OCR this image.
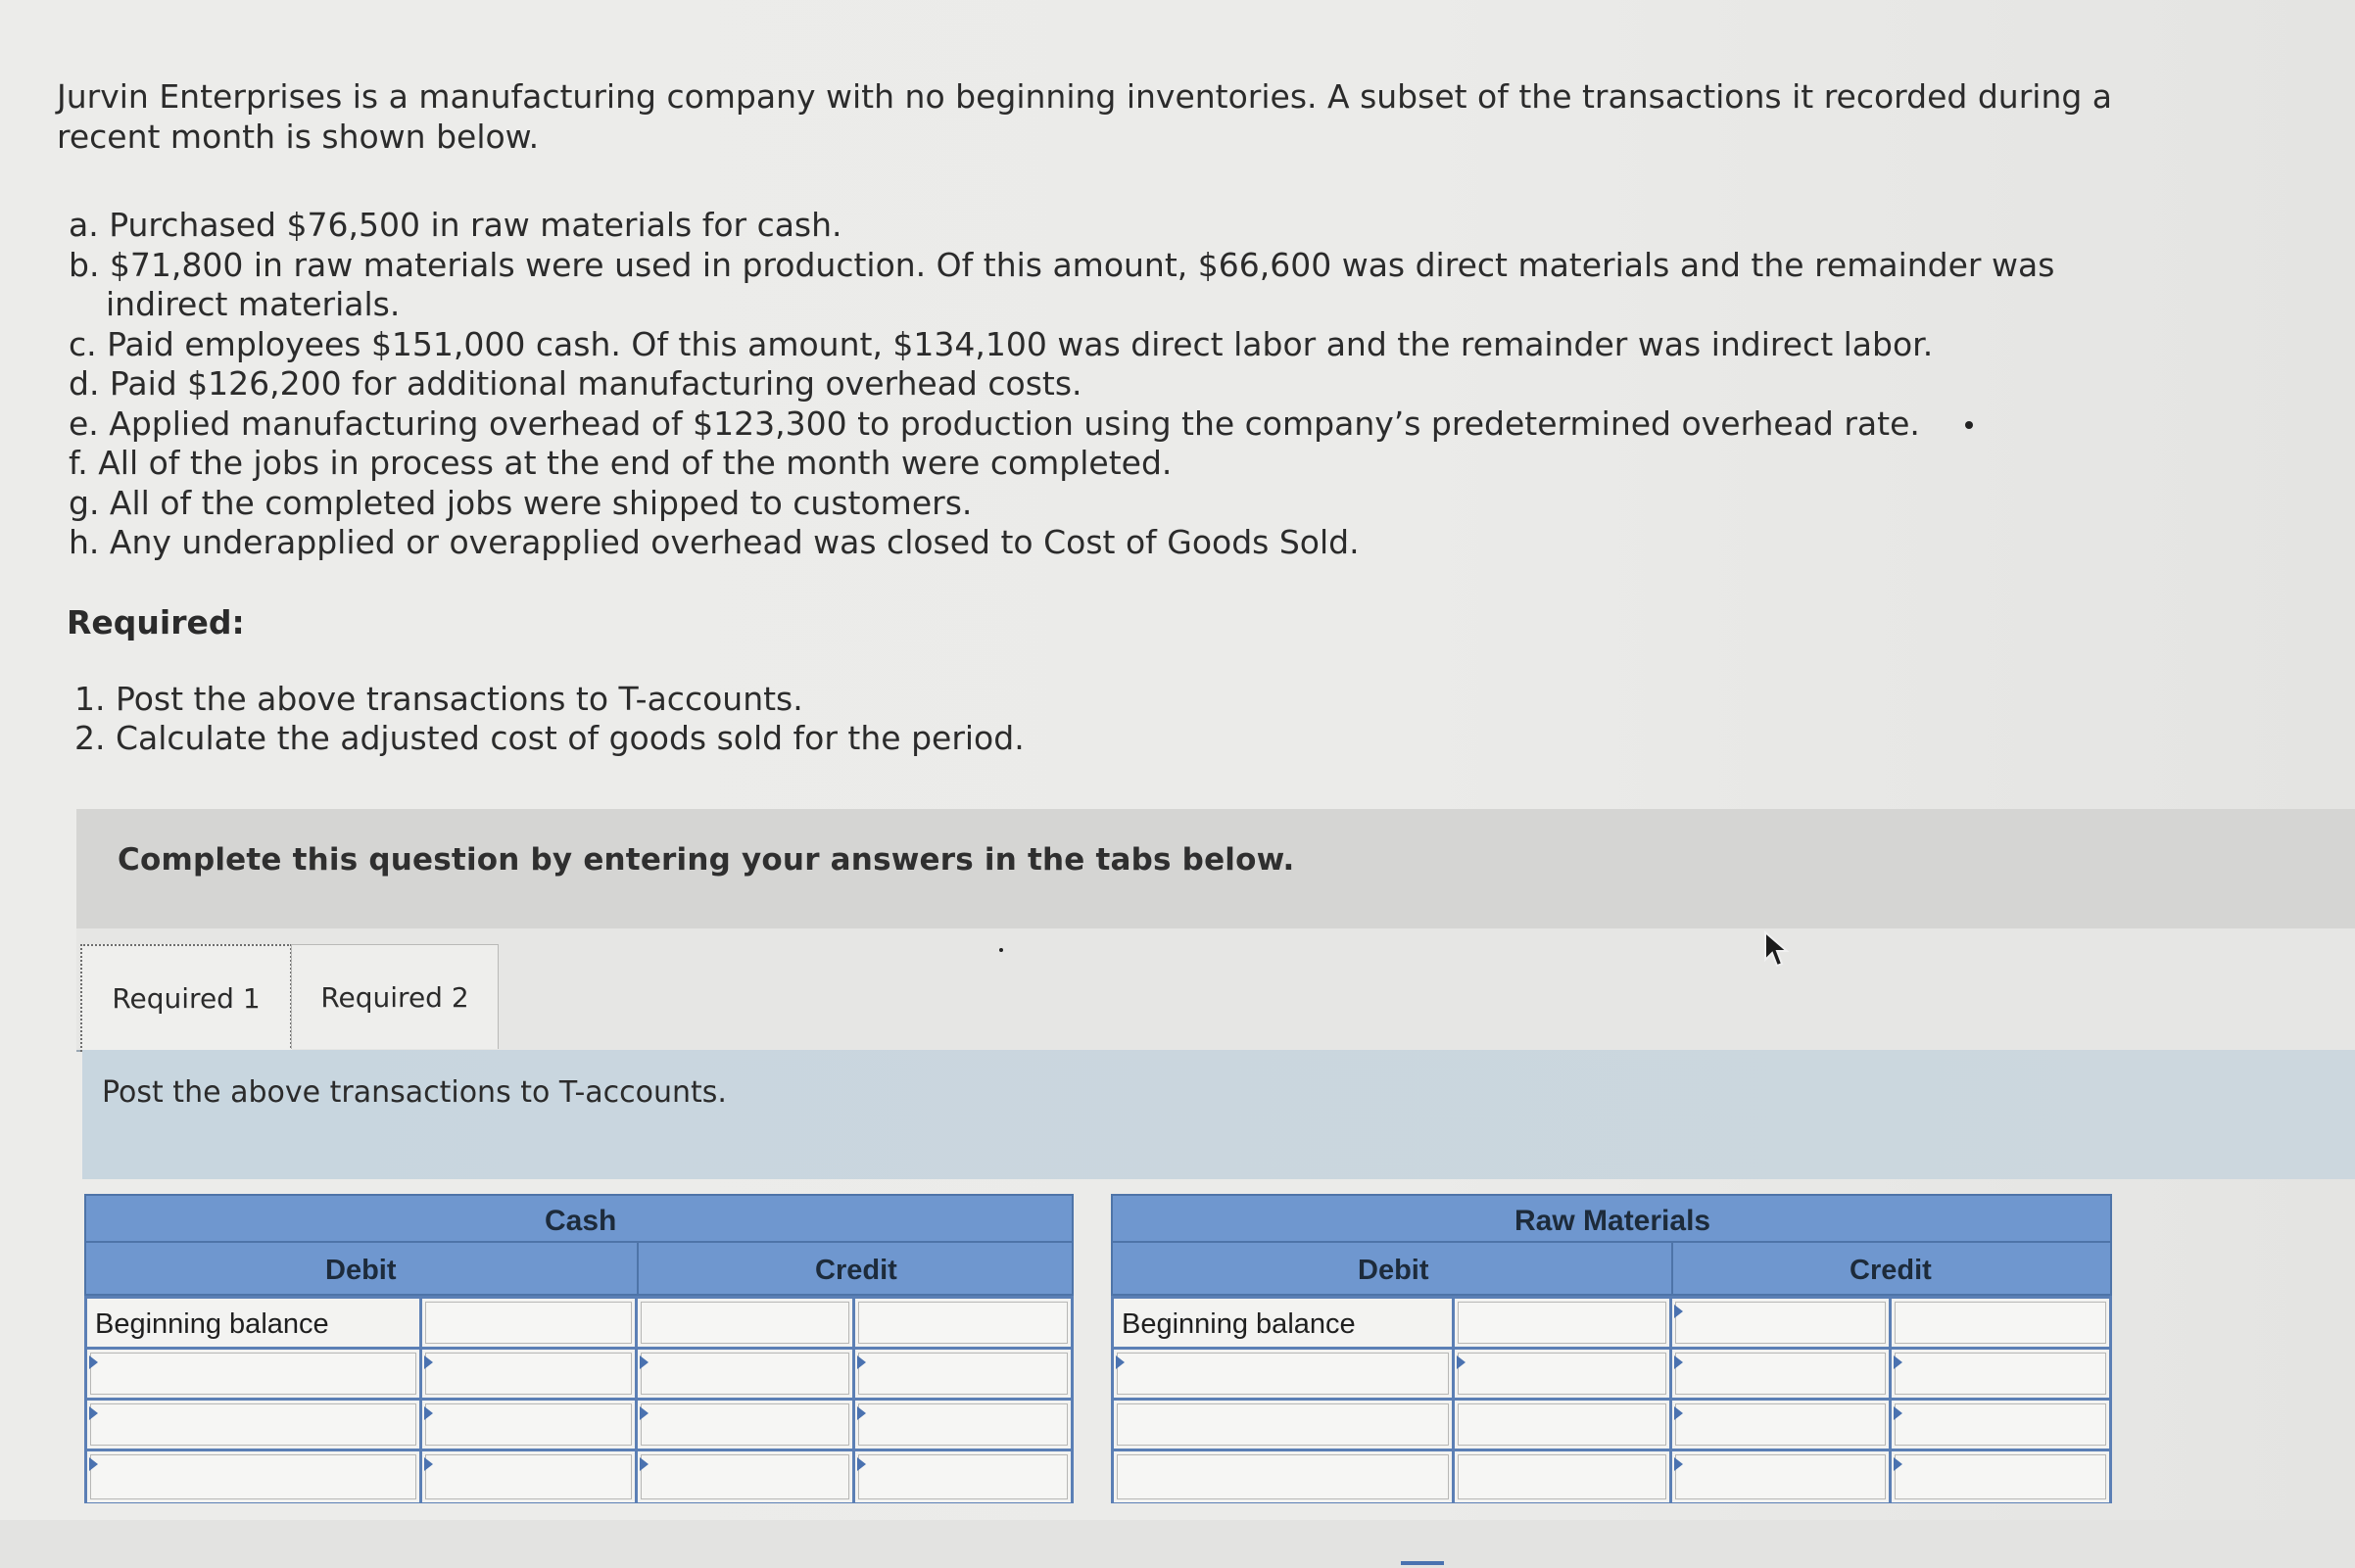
Jurvin Enterprises is a manufacturing company with no beginning inventories. A subset of the transactions it recorded during a recent month is shown below.

a. Purchased $76,500 in raw materials for cash.
b. $71,800 in raw materials were used in production. Of this amount, $66,600 was direct materials and the remainder was indirect materials.
c. Paid employees $151,000 cash. Of this amount, $134,100 was direct labor and the remainder was indirect labor.
d. Paid $126,200 for additional manufacturing overhead costs.
e. Applied manufacturing overhead of $123,300 to production using the company’s predetermined overhead rate.
f. All of the jobs in process at the end of the month were completed.
g. All of the completed jobs were shipped to customers.
h. Any underapplied or overapplied overhead was closed to Cost of Goods Sold.
Required:
1. Post the above transactions to T-accounts.
2. Calculate the adjusted cost of goods sold for the period.
Complete this question by entering your answers in the tabs below.
Required 1	Required 2
Post the above transactions to T-accounts.
Cash
Debit	Credit
Beginning balance
Raw Materials
Debit	Credit
Beginning balance
